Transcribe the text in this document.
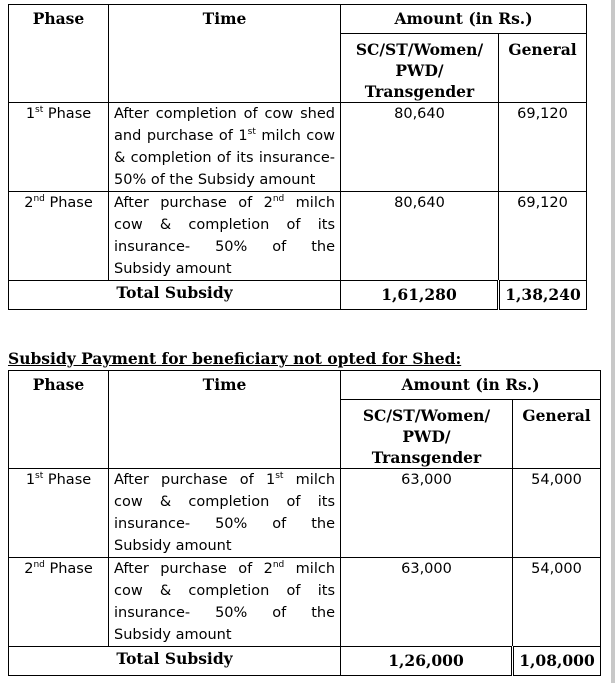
Phase	Time	Amount (in Rs.)	
		SC/ST/Women/ PWD/ Transgender	General
1st Phase	After completion of cow shed and purchase of 1st milch cow & completion of its insurance- 50% of the Subsidy amount	80,640	69,120
2nd Phase	After purchase of 2nd milch cow & completion of its insurance- 50% of the Subsidy amount	80,640	69,120
Total Subsidy		1,61,280	1,38,240
Subsidy Payment for beneficiary not opted for Shed:
Phase	Time	Amount (in Rs.)	
		SC/ST/Women/ PWD/ Transgender	General
1st Phase	After purchase of 1st milch cow & completion of its insurance- 50% of the Subsidy amount	63,000	54,000
2nd Phase	After purchase of 2nd milch cow & completion of its insurance- 50% of the Subsidy amount	63,000	54,000
Total Subsidy		1,26,000	1,08,000
